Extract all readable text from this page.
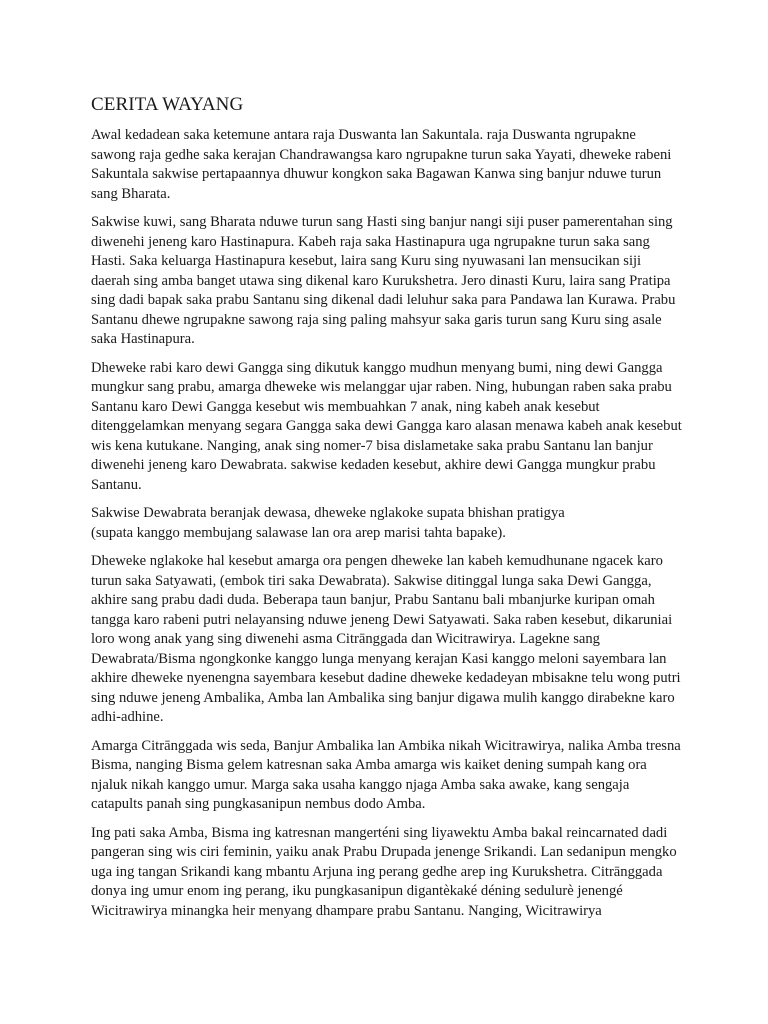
CERITA WAYANG

Awal kedadean saka ketemune antara raja Duswanta lan Sakuntala. raja Duswanta ngrupakne sawong raja gedhe saka kerajan Chandrawangsa karo ngrupakne turun saka Yayati, dheweke rabeni Sakuntala sakwise pertapaannya dhuwur kongkon saka Bagawan Kanwa sing banjur nduwe turun sang Bharata.

Sakwise kuwi, sang Bharata nduwe turun sang Hasti sing banjur nangi siji puser pamerentahan sing diwenehi jeneng karo Hastinapura. Kabeh raja saka Hastinapura uga ngrupakne turun saka sang Hasti. Saka keluarga Hastinapura kesebut, laira sang Kuru sing nyuwasani lan mensucikan siji daerah sing amba banget utawa sing dikenal karo Kurukshetra. Jero dinasti Kuru, laira sang Pratipa sing dadi bapak saka prabu Santanu sing dikenal dadi leluhur saka para Pandawa lan Kurawa. Prabu Santanu dhewe ngrupakne sawong raja sing paling mahsyur saka garis turun sang Kuru sing asale saka Hastinapura.

Dheweke rabi karo dewi Gangga sing dikutuk kanggo mudhun menyang bumi, ning dewi Gangga mungkur sang prabu, amarga dheweke wis melanggar ujar raben. Ning, hubungan raben saka prabu Santanu karo Dewi Gangga kesebut wis membuahkan 7 anak, ning kabeh anak kesebut ditenggelamkan menyang segara Gangga saka dewi Gangga karo alasan menawa kabeh anak kesebut wis kena kutukane. Nanging, anak sing nomer-7 bisa dislametake saka prabu Santanu lan banjur diwenehi jeneng karo Dewabrata. sakwise kedaden kesebut, akhire dewi Gangga mungkur prabu Santanu.

Sakwise Dewabrata beranjak dewasa, dheweke nglakoke supata bhishan pratigya
(supata kanggo membujang salawase lan ora arep marisi tahta bapake).

Dheweke nglakoke hal kesebut amarga ora pengen dheweke lan kabeh kemudhunane ngacek karo turun saka Satyawati, (embok tiri saka Dewabrata). Sakwise ditinggal lunga saka Dewi Gangga, akhire sang prabu dadi duda. Beberapa taun banjur, Prabu Santanu bali mbanjurke kuripan omah tangga karo rabeni putri nelayansing nduwe jeneng Dewi Satyawati. Saka raben kesebut, dikaruniai loro wong anak yang sing diwenehi asma Citrānggada dan Wicitrawirya. Lagekne sang Dewabrata/Bisma ngongkonke kanggo lunga menyang kerajan Kasi kanggo meloni sayembara lan akhire dheweke nyenengna sayembara kesebut dadine dheweke kedadeyan mbisakne telu wong putri sing nduwe jeneng Ambalika, Amba lan Ambalika sing banjur digawa mulih kanggo dirabekne karo adhi-adhine.

Amarga Citrānggada wis seda, Banjur Ambalika lan Ambika nikah Wicitrawirya, nalika Amba tresna Bisma, nanging Bisma gelem katresnan saka Amba amarga wis kaiket dening sumpah kang ora njaluk nikah kanggo umur. Marga saka usaha kanggo njaga Amba saka awake, kang sengaja catapults panah sing pungkasanipun nembus dodo Amba.

Ing pati saka Amba, Bisma ing katresnan mangerténi sing liyawektu Amba bakal reincarnated dadi pangeran sing wis ciri feminin, yaiku anak Prabu Drupada jenenge Srikandi. Lan sedanipun mengko uga ing tangan Srikandi kang mbantu Arjuna ing perang gedhe arep ing Kurukshetra. Citrānggada donya ing umur enom ing perang, iku pungkasanipun digantèkaké déning sedulurè jenengé Wicitrawirya minangka heir menyang dhampare prabu Santanu. Nanging, Wicitrawirya
